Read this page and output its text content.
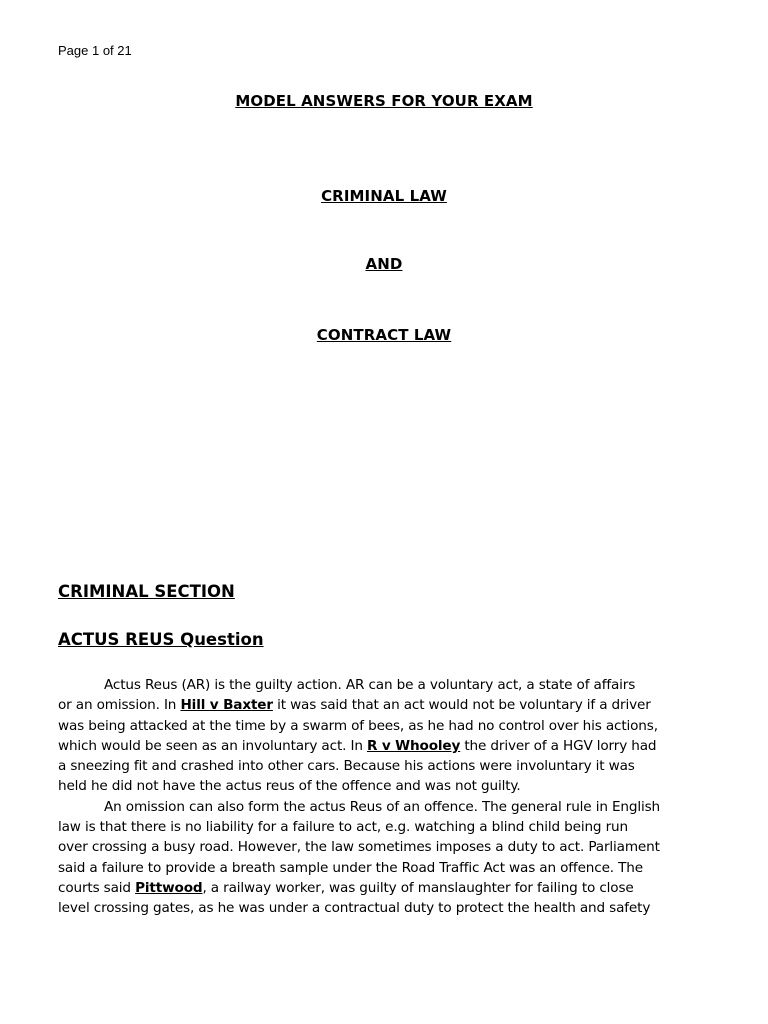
Page 1 of 21
MODEL ANSWERS FOR YOUR EXAM
CRIMINAL LAW
AND
CONTRACT LAW
CRIMINAL SECTION
ACTUS REUS Question
Actus Reus (AR) is the guilty action. AR can be a voluntary act, a state of affairs
or an omission. In Hill v Baxter it was said that an act would not be voluntary if a driver
was being attacked at the time by a swarm of bees, as he had no control over his actions,
which would be seen as an involuntary act. In R v Whooley the driver of a HGV lorry had
a sneezing fit and crashed into other cars. Because his actions were involuntary it was
held he did not have the actus reus of the offence and was not guilty.
An omission can also form the actus Reus of an offence. The general rule in English
law is that there is no liability for a failure to act, e.g. watching a blind child being run
over crossing a busy road. However, the law sometimes imposes a duty to act. Parliament
said a failure to provide a breath sample under the Road Traffic Act was an offence. The
courts said Pittwood, a railway worker, was guilty of manslaughter for failing to close
level crossing gates, as he was under a contractual duty to protect the health and safety
